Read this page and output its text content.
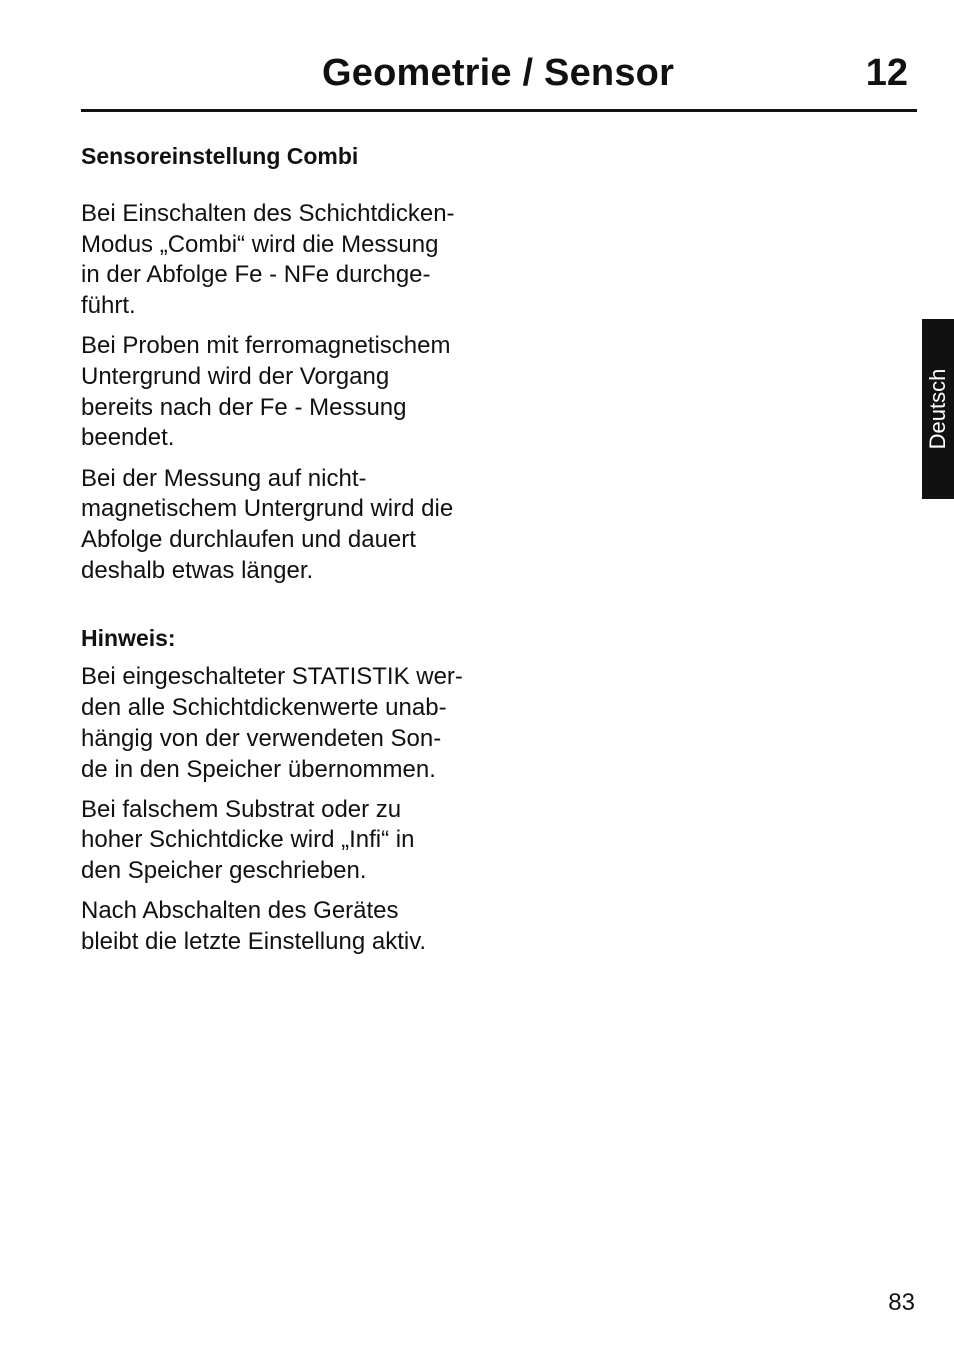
Geometrie / Sensor	12
Sensoreinstellung Combi

Bei Einschalten des Schichtdicken-
Modus „Combi“ wird die Messung
in der Abfolge Fe - NFe durchge-
führt.

Bei Proben mit ferromagnetischem
Untergrund wird der Vorgang
bereits nach der Fe - Messung
beendet.

Bei der Messung auf nicht-
magnetischem Untergrund wird die
Abfolge durchlaufen und dauert
deshalb etwas länger.

Hinweis:

Bei eingeschalteter STATISTIK wer-
den alle Schichtdickenwerte unab-
hängig von der verwendeten Son-
de in den Speicher übernommen.

Bei falschem Substrat oder zu
hoher Schichtdicke wird „Infi“ in
den Speicher geschrieben.

Nach Abschalten des Gerätes
bleibt die letzte Einstellung aktiv.

Deutsch
83
